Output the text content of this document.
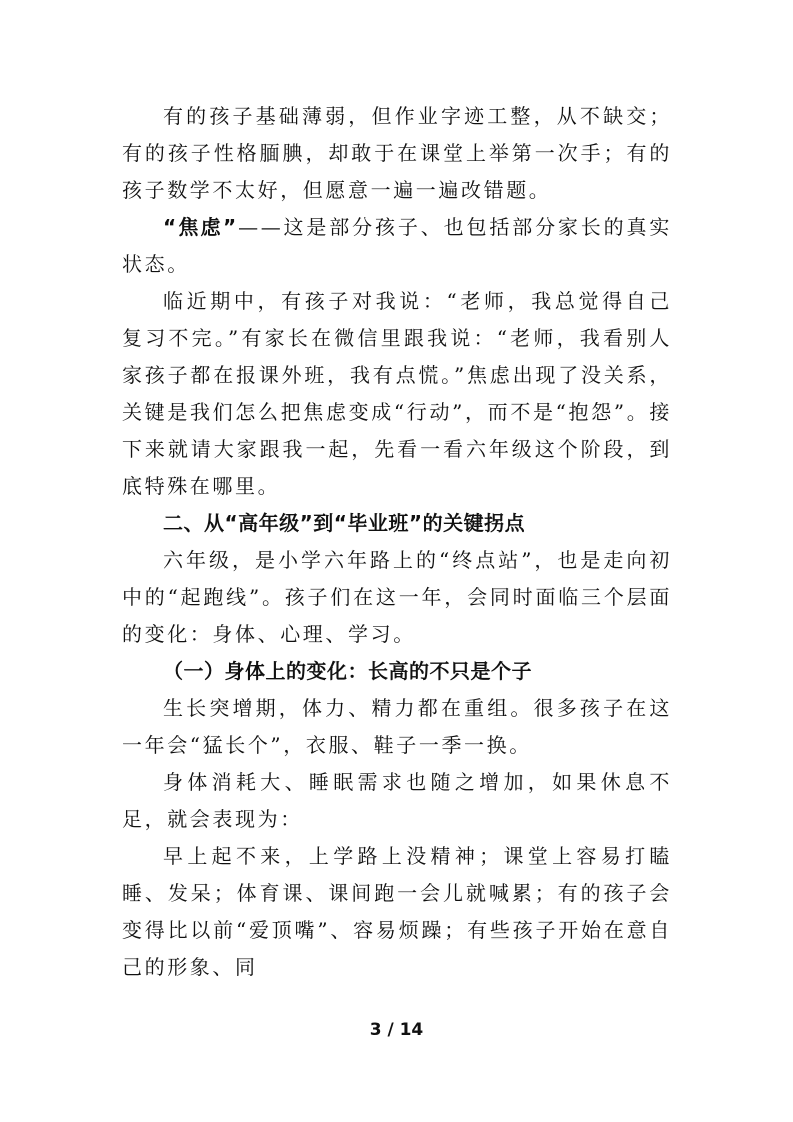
有的孩子基础薄弱，但作业字迹工整，从不缺交；有的孩子性格腼腆，却敢于在课堂上举第一次手；有的孩子数学不太好，但愿意一遍一遍改错题。

“焦虑”——这是部分孩子、也包括部分家长的真实状态。

临近期中，有孩子对我说：“老师，我总觉得自己复习不完。”有家长在微信里跟我说：“老师，我看别人家孩子都在报课外班，我有点慌。”焦虑出现了没关系，关键是我们怎么把焦虑变成“行动”，而不是“抱怨”。接下来就请大家跟我一起，先看一看六年级这个阶段，到底特殊在哪里。

二、从“高年级”到“毕业班”的关键拐点

六年级，是小学六年路上的“终点站”，也是走向初中的“起跑线”。孩子们在这一年，会同时面临三个层面的变化：身体、心理、学习。

（一）身体上的变化：长高的不只是个子

生长突增期，体力、精力都在重组。很多孩子在这一年会“猛长个”，衣服、鞋子一季一换。

身体消耗大、睡眠需求也随之增加，如果休息不足，就会表现为：

早上起不来，上学路上没精神；课堂上容易打瞌睡、发呆；体育课、课间跑一会儿就喊累；有的孩子会变得比以前“爱顶嘴”、容易烦躁；有些孩子开始在意自己的形象、同

3 / 14
